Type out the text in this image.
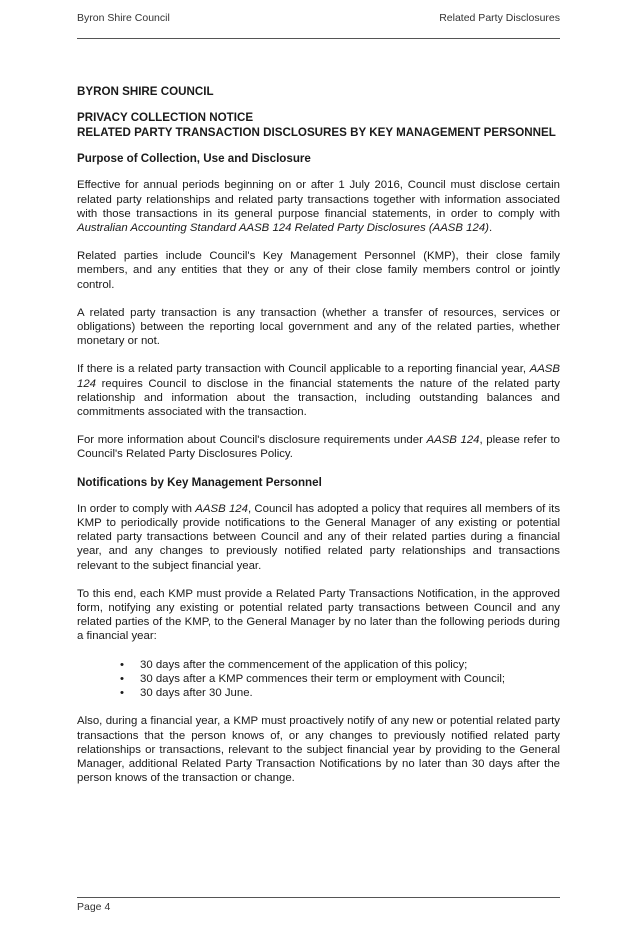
Byron Shire Council	Related Party Disclosures
BYRON SHIRE COUNCIL
PRIVACY COLLECTION NOTICE
RELATED PARTY TRANSACTION DISCLOSURES BY KEY MANAGEMENT PERSONNEL
Purpose of Collection, Use and Disclosure

Effective for annual periods beginning on or after 1 July 2016, Council must disclose certain related party relationships and related party transactions together with information associated with those transactions in its general purpose financial statements, in order to comply with Australian Accounting Standard AASB 124 Related Party Disclosures (AASB 124).

Related parties include Council's Key Management Personnel (KMP), their close family members, and any entities that they or any of their close family members control or jointly control.

A related party transaction is any transaction (whether a transfer of resources, services or obligations) between the reporting local government and any of the related parties, whether monetary or not.

If there is a related party transaction with Council applicable to a reporting financial year, AASB 124 requires Council to disclose in the financial statements the nature of the related party relationship and information about the transaction, including outstanding balances and commitments associated with the transaction.

For more information about Council's disclosure requirements under AASB 124, please refer to Council's Related Party Disclosures Policy.

Notifications by Key Management Personnel

In order to comply with AASB 124, Council has adopted a policy that requires all members of its KMP to periodically provide notifications to the General Manager of any existing or potential related party transactions between Council and any of their related parties during a financial year, and any changes to previously notified related party relationships and transactions relevant to the subject financial year.

To this end, each KMP must provide a Related Party Transactions Notification, in the approved form, notifying any existing or potential related party transactions between Council and any related parties of the KMP, to the General Manager by no later than the following periods during a financial year:

• 30 days after the commencement of the application of this policy;
• 30 days after a KMP commences their term or employment with Council;
• 30 days after 30 June.

Also, during a financial year, a KMP must proactively notify of any new or potential related party transactions that the person knows of, or any changes to previously notified related party relationships or transactions, relevant to the subject financial year by providing to the General Manager, additional Related Party Transaction Notifications by no later than 30 days after the person knows of the transaction or change.

Page 4
